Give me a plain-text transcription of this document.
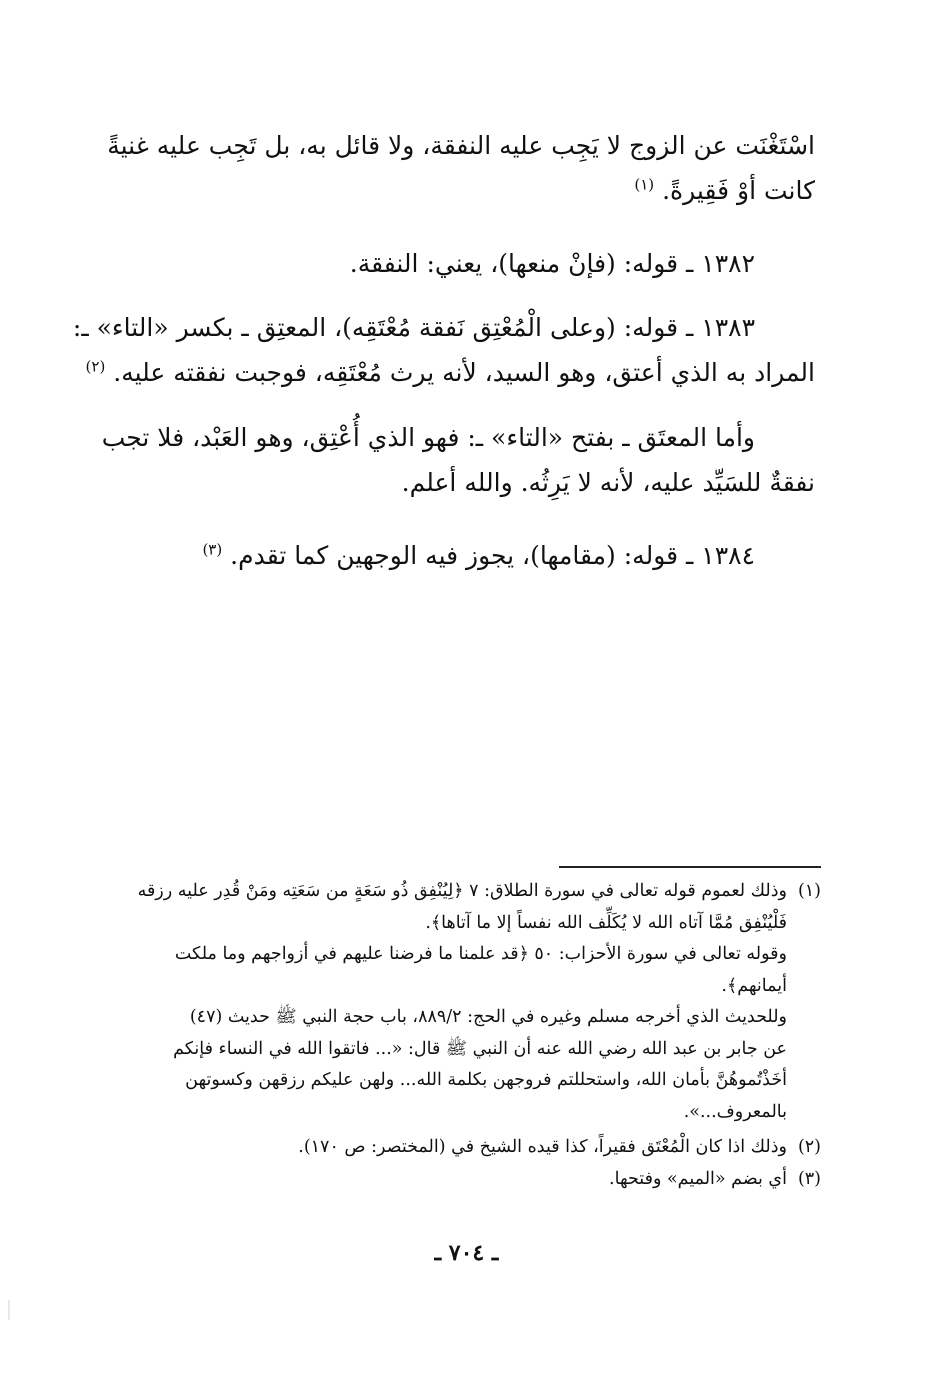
اسْتَغْنَت عن الزوج لا يَجِب عليه النفقة، ولا قائل به، بل تَجِب عليه غنيةً
كانت أوْ فَقِيرةً. $^{(١)}$
١٣٨٢ ـ قوله: (فإنْ منعها)، يعني: النفقة.
١٣٨٣ ـ قوله: (وعلى الْمُعْتِق نَفقة مُعْتَقِه)، المعتِق ـ بكسر «التاء» ـ:
المراد به الذي أعتق، وهو السيد، لأنه يرث مُعْتَقِه، فوجبت نفقته عليه. $^{(٢)}$
وأما المعتَق ـ بفتح «التاء» ـ: فهو الذي أُعْتِق، وهو العَبْد، فلا تجب
نفقةٌ للسَيِّد عليه، لأنه لا يَرِثُه. والله أعلم.
١٣٨٤ ـ قوله: (مقامها)، يجوز فيه الوجهين كما تقدم. $^{(٣)}$
(١)وذلك لعموم قوله تعالى في سورة الطلاق: ٧ ﴿لِيُنْفِق ذُو سَعَةٍ من سَعَتِه ومَنْ قُدِر عليه رزقه
فَلْيُنْفِق مُمَّا آتاه الله لا يُكَلِّف الله نفساً إلا ما آتاها﴾.
وقوله تعالى في سورة الأحزاب: ٥٠ ﴿قد علمنا ما فرضنا عليهم في أزواجهم وما ملكت
أيمانهم﴾.
وللحديث الذي أخرجه مسلم وغيره في الحج: ٨٨٩/٢، باب حجة النبي ﷺ حديث (٤٧)
عن جابر بن عبد الله رضي الله عنه أن النبي ﷺ قال: «... فاتقوا الله في النساء فإنكم
أخَذْتُموهُنَّ بأمان الله، واستحللتم فروجهن بكلمة الله... ولهن عليكم رزقهن وكسوتهن
بالمعروف...».
(٢)وذلك اذا كان الْمُعْتَق فقيراً، كذا قيده الشيخ في (المختصر: ص ١٧٠).
(٣)أي بضم «الميم» وفتحها.
ـ ٧٠٤ ـ
